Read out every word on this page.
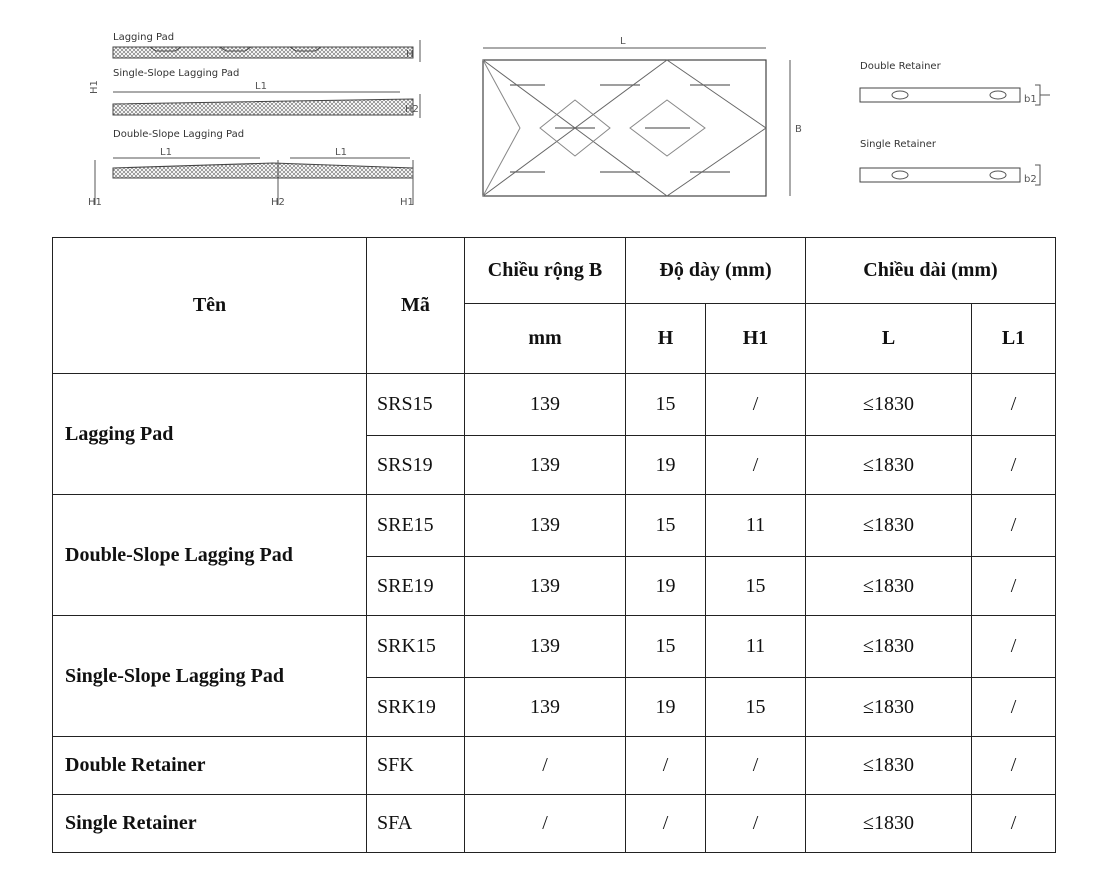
Lagging Pad
H
Single-Slope Lagging Pad
H1	L1
H2
Double-Slope Lagging Pad
L1	L1
H1	H2	H1
L
B
Double Retainer
b1
Single Retainer
b2
Tên	Mã	Chiều rộng B	Độ dày (mm)		Chiều dài (mm)	
		mm	H	H1	L	L1
Lagging Pad	SRS15	139	15	/	≤1830	/
	SRS19	139	19	/	≤1830	/
Double-Slope Lagging Pad	SRE15	139	15	11	≤1830	/
	SRE19	139	19	15	≤1830	/
Single-Slope Lagging Pad	SRK15	139	15	11	≤1830	/
	SRK19	139	19	15	≤1830	/
Double Retainer	SFK	/	/	/	≤1830	/
Single Retainer	SFA	/	/	/	≤1830	/
